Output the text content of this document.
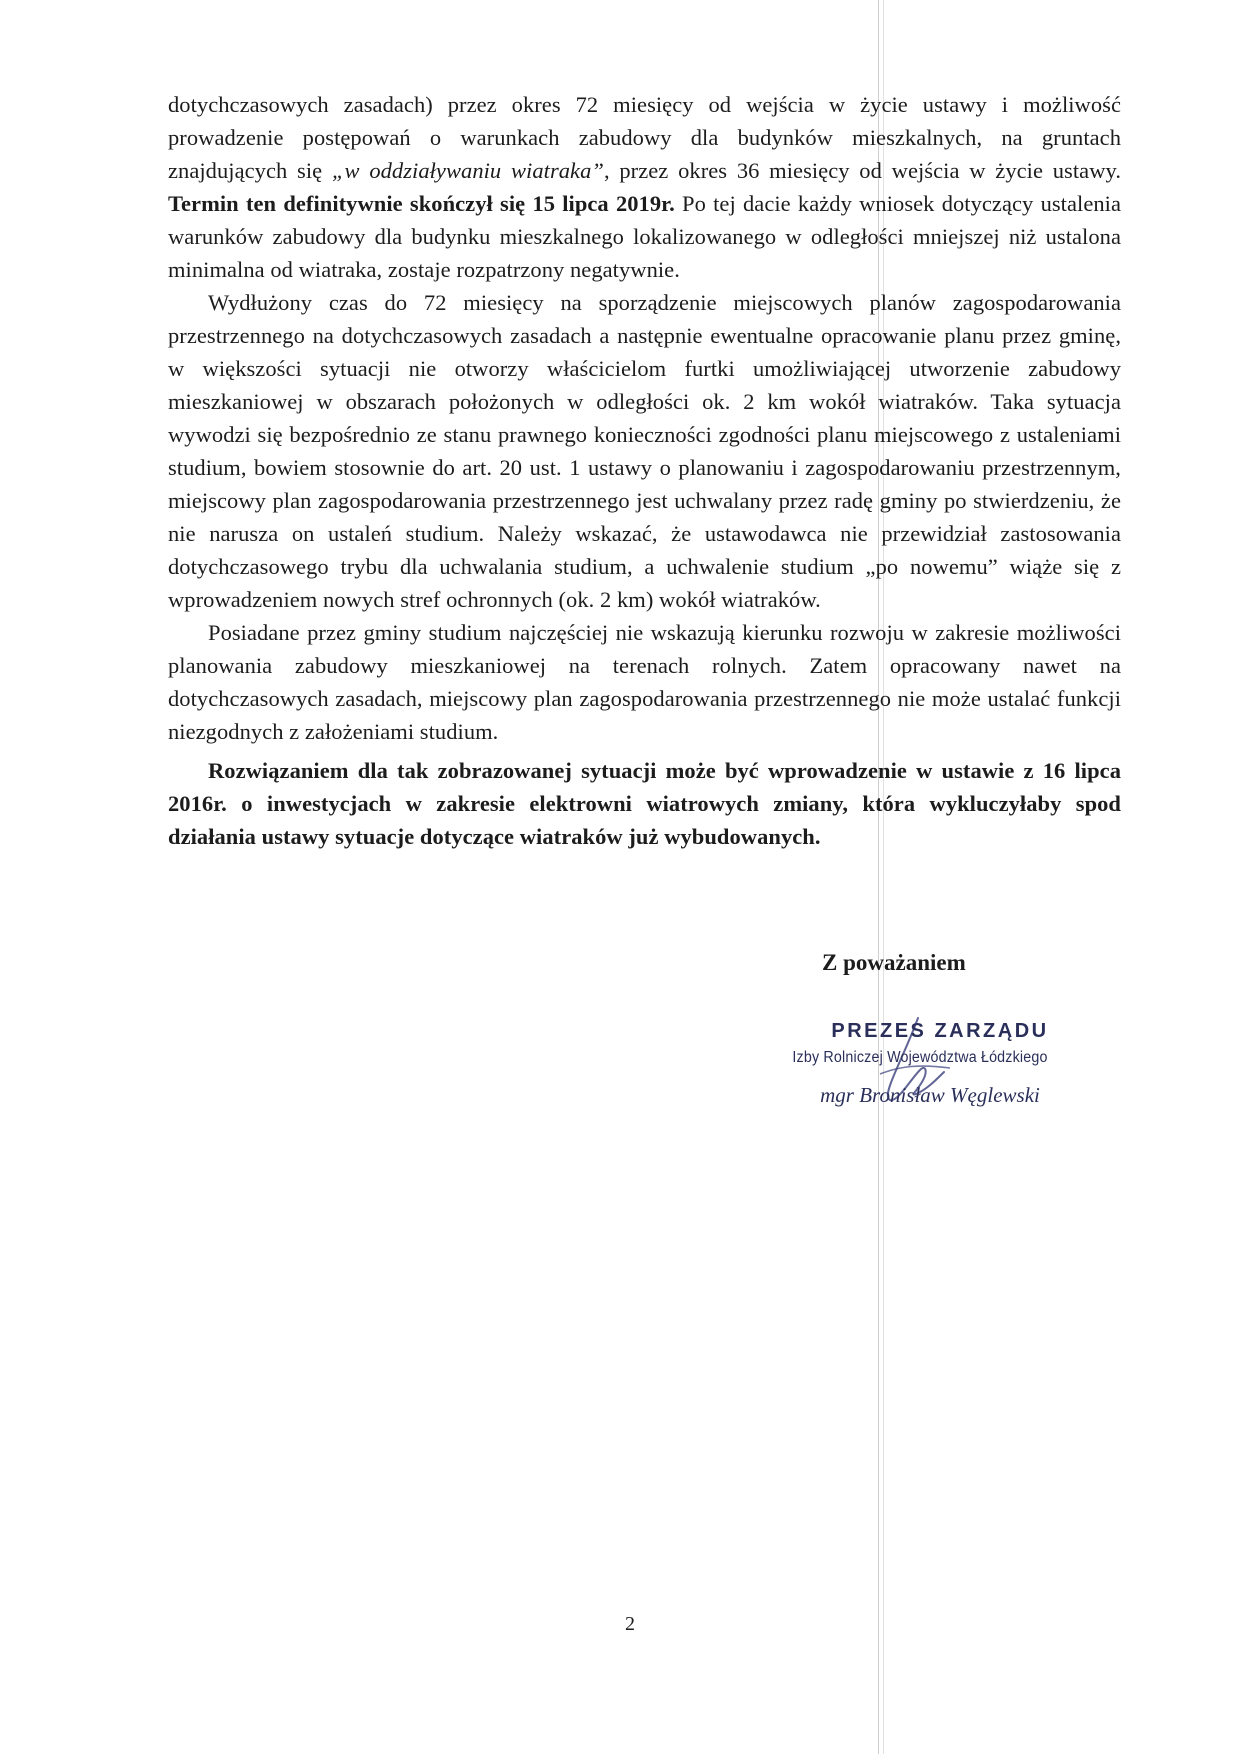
dotychczasowych zasadach) przez okres 72 miesięcy od wejścia w życie ustawy i możliwość prowadzenie postępowań o warunkach zabudowy dla budynków mieszkalnych, na gruntach znajdujących się „w oddziaływaniu wiatraka”, przez okres 36 miesięcy od wejścia w życie ustawy. Termin ten definitywnie skończył się 15 lipca 2019r. Po tej dacie każdy wniosek dotyczący ustalenia warunków zabudowy dla budynku mieszkalnego lokalizowanego w odległości mniejszej niż ustalona minimalna od wiatraka, zostaje rozpatrzony negatywnie.

Wydłużony czas do 72 miesięcy na sporządzenie miejscowych planów zagospodarowania przestrzennego na dotychczasowych zasadach a następnie ewentualne opracowanie planu przez gminę, w większości sytuacji nie otworzy właścicielom furtki umożliwiającej utworzenie zabudowy mieszkaniowej w obszarach położonych w odległości ok. 2 km wokół wiatraków. Taka sytuacja wywodzi się bezpośrednio ze stanu prawnego konieczności zgodności planu miejscowego z ustaleniami studium, bowiem stosownie do art. 20 ust. 1 ustawy o planowaniu i zagospodarowaniu przestrzennym, miejscowy plan zagospodarowania przestrzennego jest uchwalany przez radę gminy po stwierdzeniu, że nie narusza on ustaleń studium. Należy wskazać, że ustawodawca nie przewidział zastosowania dotychczasowego trybu dla uchwalania studium, a uchwalenie studium „po nowemu” wiąże się z wprowadzeniem nowych stref ochronnych (ok. 2 km) wokół wiatraków.

Posiadane przez gminy studium najczęściej nie wskazują kierunku rozwoju w zakresie możliwości planowania zabudowy mieszkaniowej na terenach rolnych. Zatem opracowany nawet na dotychczasowych zasadach, miejscowy plan zagospodarowania przestrzennego nie może ustalać funkcji niezgodnych z założeniami studium.

Rozwiązaniem dla tak zobrazowanej sytuacji może być wprowadzenie w ustawie z 16 lipca 2016r. o inwestycjach w zakresie elektrowni wiatrowych zmiany, która wykluczyłaby spod działania ustawy sytuacje dotyczące wiatraków już wybudowanych.

Z poważaniem
PREZES ZARZĄDU
Izby Rolniczej Województwa Łódzkiego
mgr Bronisław Węglewski
2
